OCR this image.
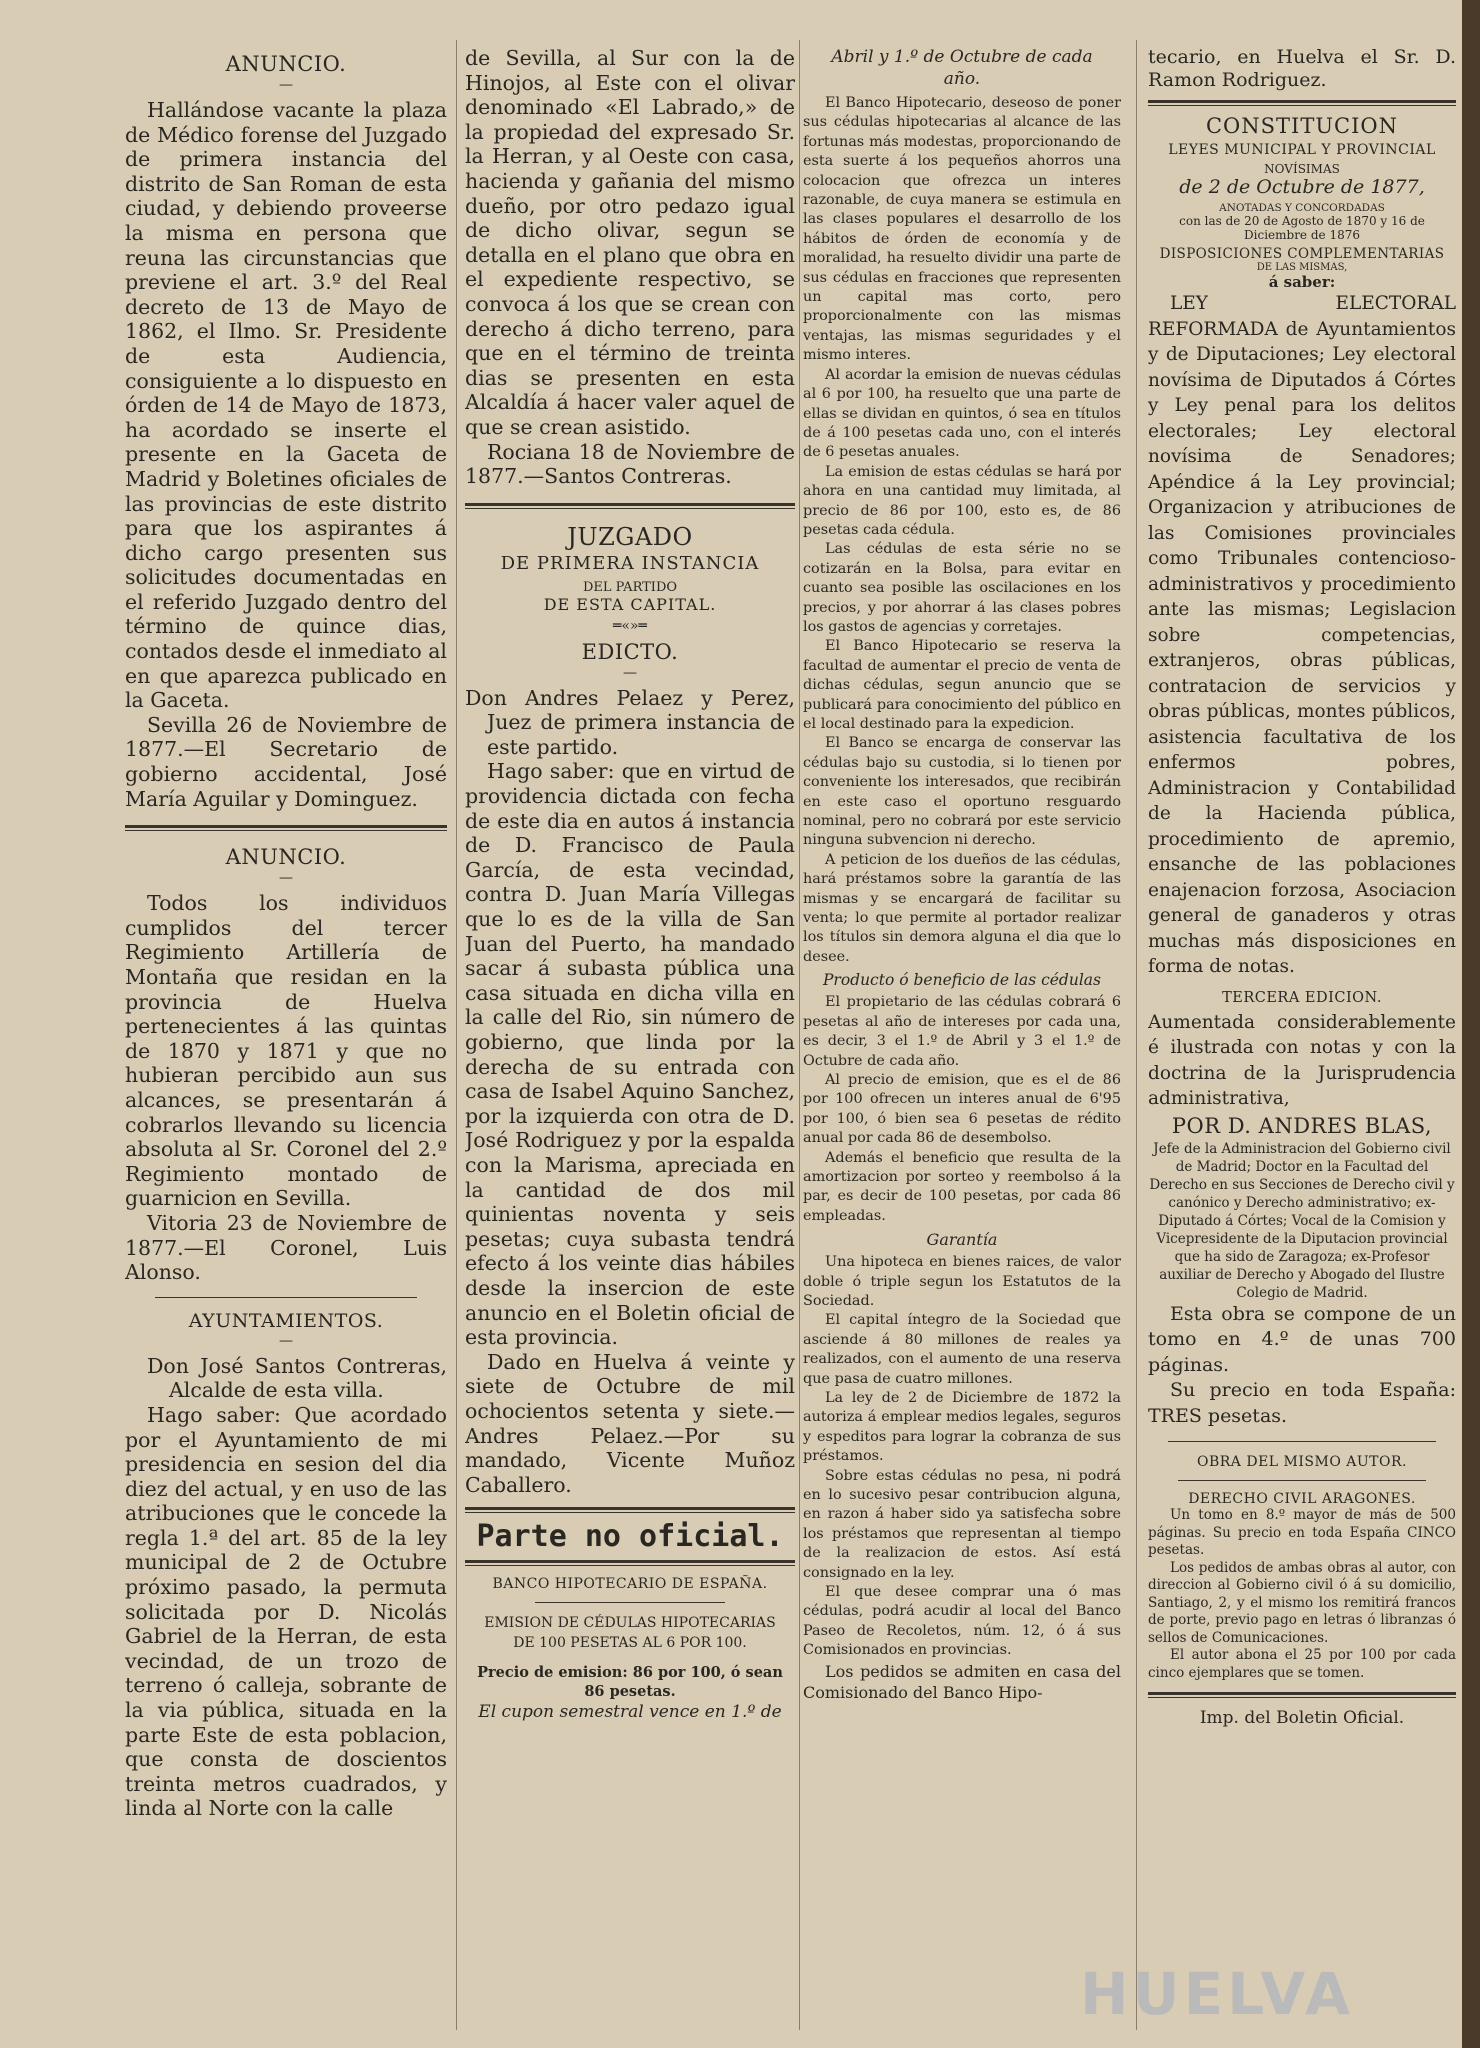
ANUNCIO.
—

Hallándose vacante la plaza de Médico forense del Juzgado de primera instancia del distrito de San Roman de esta ciudad, y debiendo proveerse la misma en persona que reuna las circunstancias que previene el art. 3.º del Real decreto de 13 de Mayo de 1862, el Ilmo. Sr. Presidente de esta Audiencia, consiguiente a lo dispuesto en órden de 14 de Mayo de 1873, ha acordado se inserte el presente en la Gaceta de Madrid y Boletines oficiales de las provincias de este distrito para que los aspirantes á dicho cargo presenten sus solicitudes documentadas en el referido Juzgado dentro del término de quince dias, contados desde el inmediato al en que aparezca publicado en la Gaceta.

Sevilla 26 de Noviembre de 1877.—El Secretario de gobierno accidental, José María Aguilar y Dominguez.

ANUNCIO.
—

Todos los individuos cumplidos del tercer Regimiento Artillería de Montaña que residan en la provincia de Huelva pertenecientes á las quintas de 1870 y 1871 y que no hubieran percibido aun sus alcances, se presentarán á cobrarlos llevando su licencia absoluta al Sr. Coronel del 2.º Regimiento montado de guarnicion en Sevilla.

Vitoria 23 de Noviembre de 1877.—El Coronel, Luis Alonso.

AYUNTAMIENTOS.
—

Don José Santos Contreras, Alcalde de esta villa.

Hago saber: Que acordado por el Ayuntamiento de mi presidencia en sesion del dia diez del actual, y en uso de las atribuciones que le concede la regla 1.ª del art. 85 de la ley municipal de 2 de Octubre próximo pasado, la permuta solicitada por D. Nicolás Gabriel de la Herran, de esta vecindad, de un trozo de terreno ó calleja, sobrante de la via pública, situada en la parte Este de esta poblacion, que consta de doscientos treinta metros cuadrados, y linda al Norte con la calle

de Sevilla, al Sur con la de Hinojos, al Este con el olivar denominado «El Labrado,» de la propiedad del expresado Sr. la Herran, y al Oeste con casa, hacienda y gañania del mismo dueño, por otro pedazo igual de dicho olivar, segun se detalla en el plano que obra en el expediente respectivo, se convoca á los que se crean con derecho á dicho terreno, para que en el término de treinta dias se presenten en esta Alcaldía á hacer valer aquel de que se crean asistido.

Rociana 18 de Noviembre de 1877.—Santos Contreras.

JUZGADO
DE PRIMERA INSTANCIA
DEL PARTIDO
DE ESTA CAPITAL.
═«»═
EDICTO.
—

Don Andres Pelaez y Perez, Juez de primera instancia de este partido.

Hago saber: que en virtud de providencia dictada con fecha de este dia en autos á instancia de D. Francisco de Paula García, de esta vecindad, contra D. Juan María Villegas que lo es de la villa de San Juan del Puerto, ha mandado sacar á subasta pública una casa situada en dicha villa en la calle del Rio, sin número de gobierno, que linda por la derecha de su entrada con casa de Isabel Aquino Sanchez, por la izquierda con otra de D. José Rodriguez y por la espalda con la Marisma, apreciada en la cantidad de dos mil quinientas noventa y seis pesetas; cuya subasta tendrá efecto á los veinte dias hábiles desde la insercion de este anuncio en el Boletin oficial de esta provincia.

Dado en Huelva á veinte y siete de Octubre de mil ochocientos setenta y siete.—Andres Pelaez.—Por su mandado, Vicente Muñoz Caballero.

Parte no oficial.
BANCO HIPOTECARIO DE ESPAÑA.
EMISION DE CÉDULAS HIPOTECARIAS DE 100 PESETAS AL 6 POR 100.
Precio de emision: 86 por 100, ó sean 86 pesetas.
El cupon semestral vence en 1.º de
Abril y 1.º de Octubre de cada año.

El Banco Hipotecario, deseoso de poner sus cédulas hipotecarias al alcance de las fortunas más modestas, proporcionando de esta suerte á los pequeños ahorros una colocacion que ofrezca un interes razonable, de cuya manera se estimula en las clases populares el desarrollo de los hábitos de órden de economía y de moralidad, ha resuelto dividir una parte de sus cédulas en fracciones que representen un capital mas corto, pero proporcionalmente con las mismas ventajas, las mismas seguridades y el mismo interes.

Al acordar la emision de nuevas cédulas al 6 por 100, ha resuelto que una parte de ellas se dividan en quintos, ó sea en títulos de á 100 pesetas cada uno, con el interés de 6 pesetas anuales.

La emision de estas cédulas se hará por ahora en una cantidad muy limitada, al precio de 86 por 100, esto es, de 86 pesetas cada cédula.

Las cédulas de esta série no se cotizarán en la Bolsa, para evitar en cuanto sea posible las oscilaciones en los precios, y por ahorrar á las clases pobres los gastos de agencias y corretajes.

El Banco Hipotecario se reserva la facultad de aumentar el precio de venta de dichas cédulas, segun anuncio que se publicará para conocimiento del público en el local destinado para la expedicion.

El Banco se encarga de conservar las cédulas bajo su custodia, si lo tienen por conveniente los interesados, que recibirán en este caso el oportuno resguardo nominal, pero no cobrará por este servicio ninguna subvencion ni derecho.

A peticion de los dueños de las cédulas, hará préstamos sobre la garantía de las mismas y se encargará de facilitar su venta; lo que permite al portador realizar los títulos sin demora alguna el dia que lo desee.

Producto ó beneficio de las cédulas

El propietario de las cédulas cobrará 6 pesetas al año de intereses por cada una, es decir, 3 el 1.º de Abril y 3 el 1.º de Octubre de cada año.

Al precio de emision, que es el de 86 por 100 ofrecen un interes anual de 6'95 por 100, ó bien sea 6 pesetas de rédito anual por cada 86 de desembolso.

Además el beneficio que resulta de la amortizacion por sorteo y reembolso á la par, es decir de 100 pesetas, por cada 86 empleadas.

Garantía

Una hipoteca en bienes raices, de valor doble ó triple segun los Estatutos de la Sociedad.

El capital íntegro de la Sociedad que asciende á 80 millones de reales ya realizados, con el aumento de una reserva que pasa de cuatro millones.

La ley de 2 de Diciembre de 1872 la autoriza á emplear medios legales, seguros y espeditos para lograr la cobranza de sus préstamos.

Sobre estas cédulas no pesa, ni podrá en lo sucesivo pesar contribucion alguna, en razon á haber sido ya satisfecha sobre los préstamos que representan al tiempo de la realizacion de estos. Así está consignado en la ley.

El que desee comprar una ó mas cédulas, podrá acudir al local del Banco Paseo de Recoletos, núm. 12, ó á sus Comisionados en provincias.

Los pedidos se admiten en casa del Comisionado del Banco Hipo-

tecario, en Huelva el Sr. D. Ramon Rodriguez.

CONSTITUCION
LEYES MUNICIPAL Y PROVINCIAL
NOVÍSIMAS
de 2 de Octubre de 1877,
ANOTADAS Y CONCORDADAS
con las de 20 de Agosto de 1870 y 16 de Diciembre de 1876
DISPOSICIONES COMPLEMENTARIAS
DE LAS MISMAS,
á saber:

LEY ELECTORAL REFORMADA de Ayuntamientos y de Diputaciones; Ley electoral novísima de Diputados á Córtes y Ley penal para los delitos electorales; Ley electoral novísima de Senadores; Apéndice á la Ley provincial; Organizacion y atribuciones de las Comisiones provinciales como Tribunales contencioso-administrativos y procedimiento ante las mismas; Legislacion sobre competencias, extranjeros, obras públicas, contratacion de servicios y obras públicas, montes públicos, asistencia facultativa de los enfermos pobres, Administracion y Contabilidad de la Hacienda pública, procedimiento de apremio, ensanche de las poblaciones enajenacion forzosa, Asociacion general de ganaderos y otras muchas más disposiciones en forma de notas.

TERCERA EDICION.

Aumentada considerablemente é ilustrada con notas y con la doctrina de la Jurisprudencia administrativa,

POR D. ANDRES BLAS,

Jefe de la Administracion del Gobierno civil de Madrid; Doctor en la Facultad del Derecho en sus Secciones de Derecho civil y canónico y Derecho administrativo; ex-Diputado á Córtes; Vocal de la Comision y Vicepresidente de la Diputacion provincial que ha sido de Zaragoza; ex-Profesor auxiliar de Derecho y Abogado del Ilustre Colegio de Madrid.

Esta obra se compone de un tomo en 4.º de unas 700 páginas.

Su precio en toda España: TRES pesetas.

OBRA DEL MISMO AUTOR.
DERECHO CIVIL ARAGONES.

Un tomo en 8.º mayor de más de 500 páginas. Su precio en toda España CINCO pesetas.

Los pedidos de ambas obras al autor, con direccion al Gobierno civil ó á su domicilio, Santiago, 2, y el mismo los remitirá francos de porte, previo pago en letras ó libranzas ó sellos de Comunicaciones.

El autor abona el 25 por 100 por cada cinco ejemplares que se tomen.

Imp. del Boletin Oficial.
HUELVA
